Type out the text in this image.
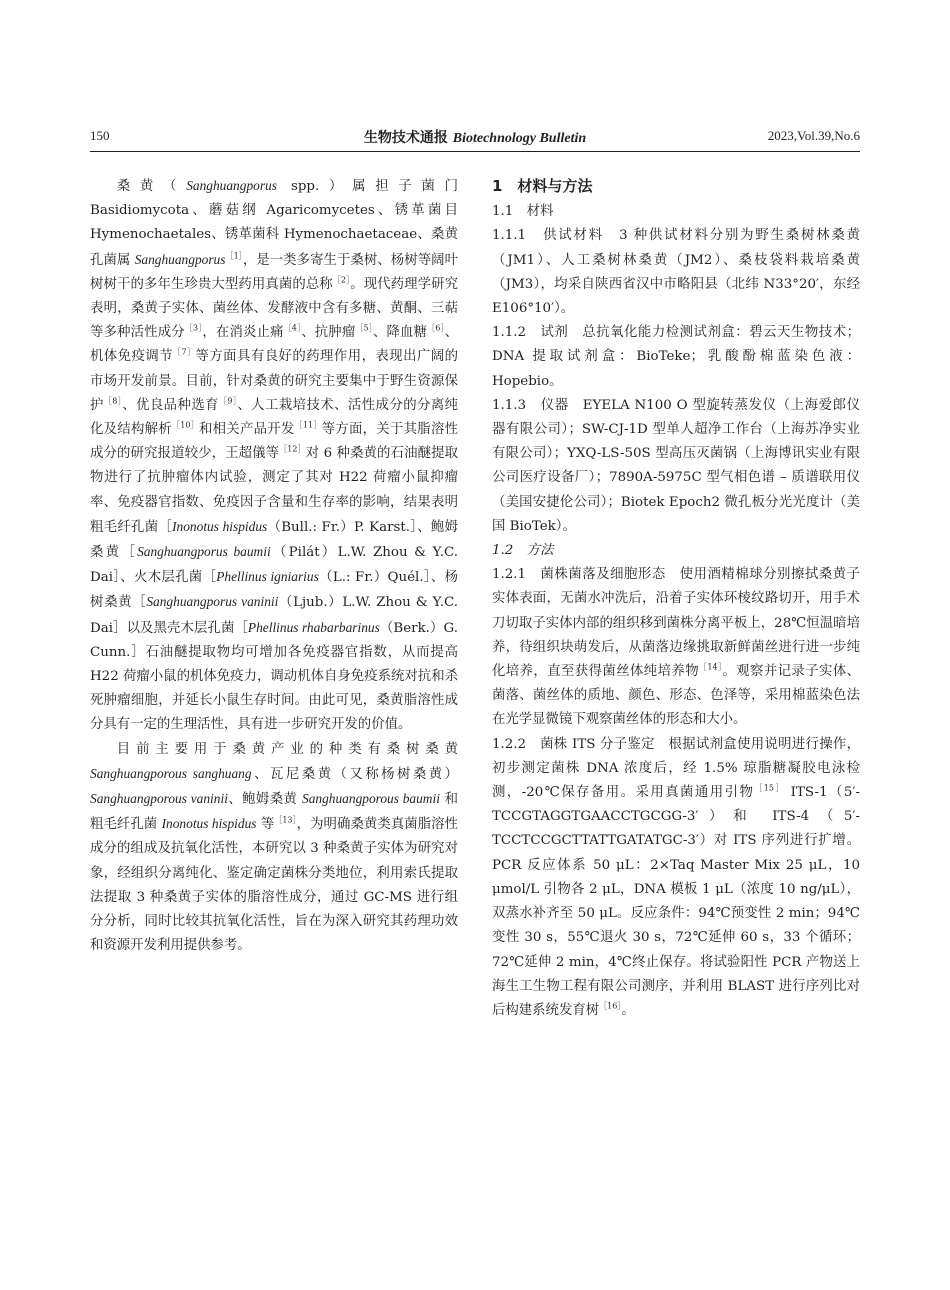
150	生物技术通报 Biotechnology Bulletin	2023,Vol.39,No.6

桑黄（Sanghuangporus spp.）属担子菌门 Basidiomycota、蘑菇纲 Agaricomycetes、锈革菌目 Hymenochaetales、锈革菌科 Hymenochaetaceae、桑黄孔菌属 Sanghuangporus$^{[1]}$，是一类多寄生于桑树、杨树等阔叶树树干的多年生珍贵大型药用真菌的总称$^{[2]}$。现代药理学研究表明，桑黄子实体、菌丝体、发酵液中含有多糖、黄酮、三萜等多种活性成分$^{[3]}$，在消炎止痛$^{[4]}$、抗肿瘤$^{[5]}$、降血糖$^{[6]}$、机体免疫调节$^{[7]}$等方面具有良好的药理作用，表现出广阔的市场开发前景。目前，针对桑黄的研究主要集中于野生资源保护$^{[8]}$、优良品种选育$^{[9]}$、人工栽培技术、活性成分的分离纯化及结构解析$^{[10]}$和相关产品开发$^{[11]}$等方面，关于其脂溶性成分的研究报道较少，王超儀等$^{[12]}$对 6 种桑黄的石油醚提取物进行了抗肿瘤体内试验，测定了其对 H22 荷瘤小鼠抑瘤率、免疫器官指数、免疫因子含量和生存率的影响，结果表明粗毛纤孔菌［Inonotus hispidus（Bull.: Fr.）P. Karst.］、鲍姆桑黄［Sanghuangporus baumii（Pilát）L.W. Zhou & Y.C. Dai］、火木层孔菌［Phellinus igniarius（L.: Fr.）Quél.］、杨树桑黄［Sanghuangporus vaninii（Ljub.）L.W. Zhou & Y.C. Dai］以及黑壳木层孔菌［Phellinus rhabarbarinus（Berk.）G. Cunn.］石油醚提取物均可增加各免疫器官指数，从而提高 H22 荷瘤小鼠的机体免疫力，调动机体自身免疫系统对抗和杀死肿瘤细胞，并延长小鼠生存时间。由此可见，桑黄脂溶性成分具有一定的生理活性，具有进一步研究开发的价值。

目前主要用于桑黄产业的种类有桑树桑黄 Sanghuangporous sanghuang、瓦尼桑黄（又称杨树桑黄）Sanghuangporous vaninii、鲍姆桑黄 Sanghuangporous baumii 和粗毛纤孔菌 Inonotus hispidus 等$^{[13]}$，为明确桑黄类真菌脂溶性成分的组成及抗氧化活性，本研究以 3 种桑黄子实体为研究对象，经组织分离纯化、鉴定确定菌株分类地位，利用索氏提取法提取 3 种桑黄子实体的脂溶性成分，通过 GC-MS 进行组分分析，同时比较其抗氧化活性，旨在为深入研究其药理功效和资源开发利用提供参考。

1　材料与方法

1.1　材料

1.1.1　供试材料　3 种供试材料分别为野生桑树林桑黄（JM1）、人工桑树林桑黄（JM2）、桑枝袋料栽培桑黄（JM3），均采自陕西省汉中市略阳县（北纬 N33°20′，东经 E106°10′）。

1.1.2　试剂　总抗氧化能力检测试剂盒：碧云天生物技术；DNA 提取试剂盒：BioTeke；乳酸酚棉蓝染色液：Hopebio。

1.1.3　仪器　EYELA N100 O 型旋转蒸发仪（上海爱郎仪器有限公司）；SW-CJ-1D 型单人超净工作台（上海苏净实业有限公司）；YXQ-LS-50S 型高压灭菌锅（上海博讯实业有限公司医疗设备厂）；7890A-5975C 型气相色谱 – 质谱联用仪（美国安捷伦公司）；Biotek Epoch2 微孔板分光光度计（美国 BioTek）。

1.2　方法

1.2.1　菌株菌落及细胞形态　使用酒精棉球分别擦拭桑黄子实体表面，无菌水冲洗后，沿着子实体环棱纹路切开，用手术刀切取子实体内部的组织移到菌株分离平板上，28℃恒温暗培养，待组织块萌发后，从菌落边缘挑取新鲜菌丝进行进一步纯化培养，直至获得菌丝体纯培养物$^{[14]}$。观察并记录子实体、菌落、菌丝体的质地、颜色、形态、色泽等，采用棉蓝染色法在光学显微镜下观察菌丝体的形态和大小。

1.2.2　菌株 ITS 分子鉴定　根据试剂盒使用说明进行操作，初步测定菌株 DNA 浓度后，经 1.5% 琼脂糖凝胶电泳检测，-20℃保存备用。采用真菌通用引物$^{[15]}$ ITS-1（5′-TCCGTAGGTGAACCTGCGG-3′）和 ITS-4（5′-TCCTCCGCTTATTGATATGC-3′）对 ITS 序列进行扩增。PCR 反应体系 50 μL：2×Taq Master Mix 25 μL，10 μmol/L 引物各 2 μL，DNA 模板 1 μL（浓度 10 ng/μL），双蒸水补齐至 50 μL。反应条件：94℃预变性 2 min；94℃变性 30 s，55℃退火 30 s，72℃延伸 60 s，33 个循环；72℃延伸 2 min，4℃终止保存。将试验阳性 PCR 产物送上海生工生物工程有限公司测序，并利用 BLAST 进行序列比对后构建系统发育树$^{[16]}$。
